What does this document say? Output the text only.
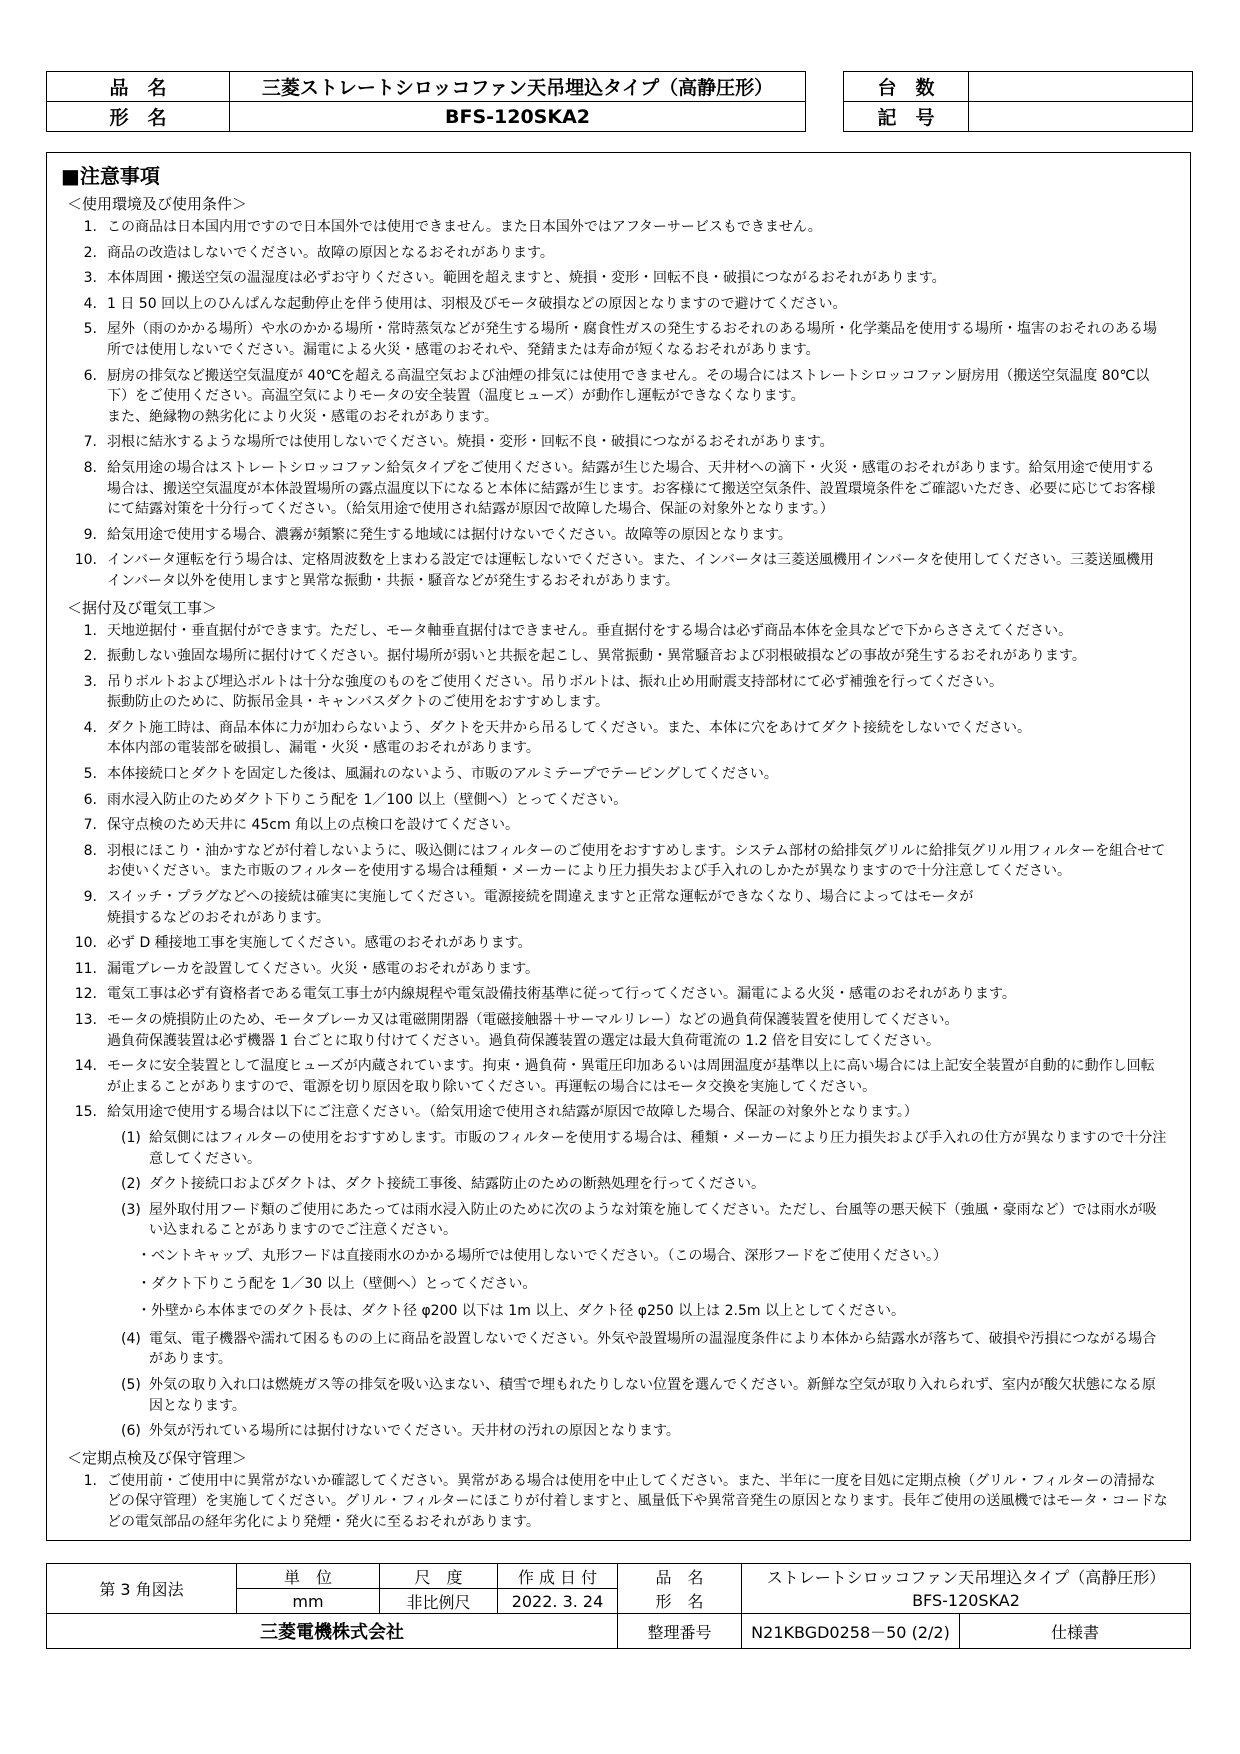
品　名	三菱ストレートシロッコファン天吊埋込タイプ（高静圧形）
形　名	BFS-120SKA2
台　数	
記　号	
■注意事項
＜使用環境及び使用条件＞
1. この商品は日本国内用ですので日本国外では使用できません。また日本国外ではアフターサービスもできません。
2. 商品の改造はしないでください。故障の原因となるおそれがあります。
3. 本体周囲・搬送空気の温湿度は必ずお守りください。範囲を超えますと、焼損・変形・回転不良・破損につながるおそれがあります。
4. 1 日 50 回以上のひんぱんな起動停止を伴う使用は、羽根及びモータ破損などの原因となりますので避けてください。
5. 屋外（雨のかかる場所）や水のかかる場所・常時蒸気などが発生する場所・腐食性ガスの発生するおそれのある場所・化学薬品を使用する場所・塩害のおそれのある場所では使用しないでください。漏電による火災・感電のおそれや、発錆または寿命が短くなるおそれがあります。
6. 厨房の排気など搬送空気温度が 40℃を超える高温空気および油煙の排気には使用できません。その場合にはストレートシロッコファン厨房用（搬送空気温度 80℃以下）をご使用ください。高温空気によりモータの安全装置（温度ヒューズ）が動作し運転ができなくなります。
また、絶縁物の熱劣化により火災・感電のおそれがあります。
7. 羽根に結氷するような場所では使用しないでください。焼損・変形・回転不良・破損につながるおそれがあります。
8. 給気用途の場合はストレートシロッコファン給気タイプをご使用ください。結露が生じた場合、天井材への滴下・火災・感電のおそれがあります。給気用途で使用する場合は、搬送空気温度が本体設置場所の露点温度以下になると本体に結露が生じます。お客様にて搬送空気条件、設置環境条件をご確認いただき、必要に応じてお客様にて結露対策を十分行ってください。（給気用途で使用され結露が原因で故障した場合、保証の対象外となります。）
9. 給気用途で使用する場合、濃霧が頻繁に発生する地域には据付けないでください。故障等の原因となります。
10. インバータ運転を行う場合は、定格周波数を上まわる設定では運転しないでください。また、インバータは三菱送風機用インバータを使用してください。三菱送風機用インバータ以外を使用しますと異常な振動・共振・騒音などが発生するおそれがあります。
＜据付及び電気工事＞
1. 天地逆据付・垂直据付ができます。ただし、モータ軸垂直据付はできません。垂直据付をする場合は必ず商品本体を金具などで下からささえてください。
2. 振動しない強固な場所に据付けてください。据付場所が弱いと共振を起こし、異常振動・異常騒音および羽根破損などの事故が発生するおそれがあります。
3. 吊りボルトおよび埋込ボルトは十分な強度のものをご使用ください。吊りボルトは、振れ止め用耐震支持部材にて必ず補強を行ってください。
振動防止のために、防振吊金具・キャンバスダクトのご使用をおすすめします。
4. ダクト施工時は、商品本体に力が加わらないよう、ダクトを天井から吊るしてください。また、本体に穴をあけてダクト接続をしないでください。
本体内部の電装部を破損し、漏電・火災・感電のおそれがあります。
5. 本体接続口とダクトを固定した後は、風漏れのないよう、市販のアルミテープでテーピングしてください。
6. 雨水浸入防止のためダクト下りこう配を 1／100 以上（壁側へ）とってください。
7. 保守点検のため天井に 45cm 角以上の点検口を設けてください。
8. 羽根にほこり・油かすなどが付着しないように、吸込側にはフィルターのご使用をおすすめします。システム部材の給排気グリルに給排気グリル用フィルターを組合せてお使いください。また市販のフィルターを使用する場合は種類・メーカーにより圧力損失および手入れのしかたが異なりますので十分注意してください。
9. スイッチ・プラグなどへの接続は確実に実施してください。電源接続を間違えますと正常な運転ができなくなり、場合によってはモータが
焼損するなどのおそれがあります。
10. 必ず D 種接地工事を実施してください。感電のおそれがあります。
11. 漏電ブレーカを設置してください。火災・感電のおそれがあります。
12. 電気工事は必ず有資格者である電気工事士が内線規程や電気設備技術基準に従って行ってください。漏電による火災・感電のおそれがあります。
13. モータの焼損防止のため、モータブレーカ又は電磁開閉器（電磁接触器＋サーマルリレー）などの過負荷保護装置を使用してください。
過負荷保護装置は必ず機器 1 台ごとに取り付けてください。過負荷保護装置の選定は最大負荷電流の 1.2 倍を目安にしてください。
14. モータに安全装置として温度ヒューズが内蔵されています。拘束・過負荷・異電圧印加あるいは周囲温度が基準以上に高い場合には上記安全装置が自動的に動作し回転が止まることがありますので、電源を切り原因を取り除いてください。再運転の場合にはモータ交換を実施してください。
15. 給気用途で使用する場合は以下にご注意ください。（給気用途で使用され結露が原因で故障した場合、保証の対象外となります。）
(1) 給気側にはフィルターの使用をおすすめします。市販のフィルターを使用する場合は、種類・メーカーにより圧力損失および手入れの仕方が異なりますので十分注意してください。
(2) ダクト接続口およびダクトは、ダクト接続工事後、結露防止のための断熱処理を行ってください。
(3) 屋外取付用フード類のご使用にあたっては雨水浸入防止のために次のような対策を施してください。ただし、台風等の悪天候下（強風・豪雨など）では雨水が吸い込まれることがありますのでご注意ください。
・ベントキャップ、丸形フードは直接雨水のかかる場所では使用しないでください。（この場合、深形フードをご使用ください。）
・ダクト下りこう配を 1／30 以上（壁側へ）とってください。
・外壁から本体までのダクト長は、ダクト径 φ200 以下は 1m 以上、ダクト径 φ250 以上は 2.5m 以上としてください。
(4) 電気、電子機器や濡れて困るものの上に商品を設置しないでください。外気や設置場所の温湿度条件により本体から結露水が落ちて、破損や汚損につながる場合があります。
(5) 外気の取り入れ口は燃焼ガス等の排気を吸い込まない、積雪で埋もれたりしない位置を選んでください。新鮮な空気が取り入れられず、室内が酸欠状態になる原因となります。
(6) 外気が汚れている場所には据付けないでください。天井材の汚れの原因となります。
＜定期点検及び保守管理＞
1. ご使用前・ご使用中に異常がないか確認してください。異常がある場合は使用を中止してください。また、半年に一度を目処に定期点検（グリル・フィルターの清掃などの保守管理）を実施してください。グリル・フィルターにほこりが付着しますと、風量低下や異常音発生の原因となります。長年ご使用の送風機ではモータ・コードなどの電気部品の経年劣化により発煙・発火に至るおそれがあります。
第 3 角図法	単　位	尺　度	作 成 日 付	品　名	ストレートシロッコファン天吊埋込タイプ（高静圧形）	
	mm	非比例尺	2022. 3. 24	形　名	BFS-120SKA2	
三菱電機株式会社				整理番号	N21KBGD0258－50 (2/2)	仕様書
